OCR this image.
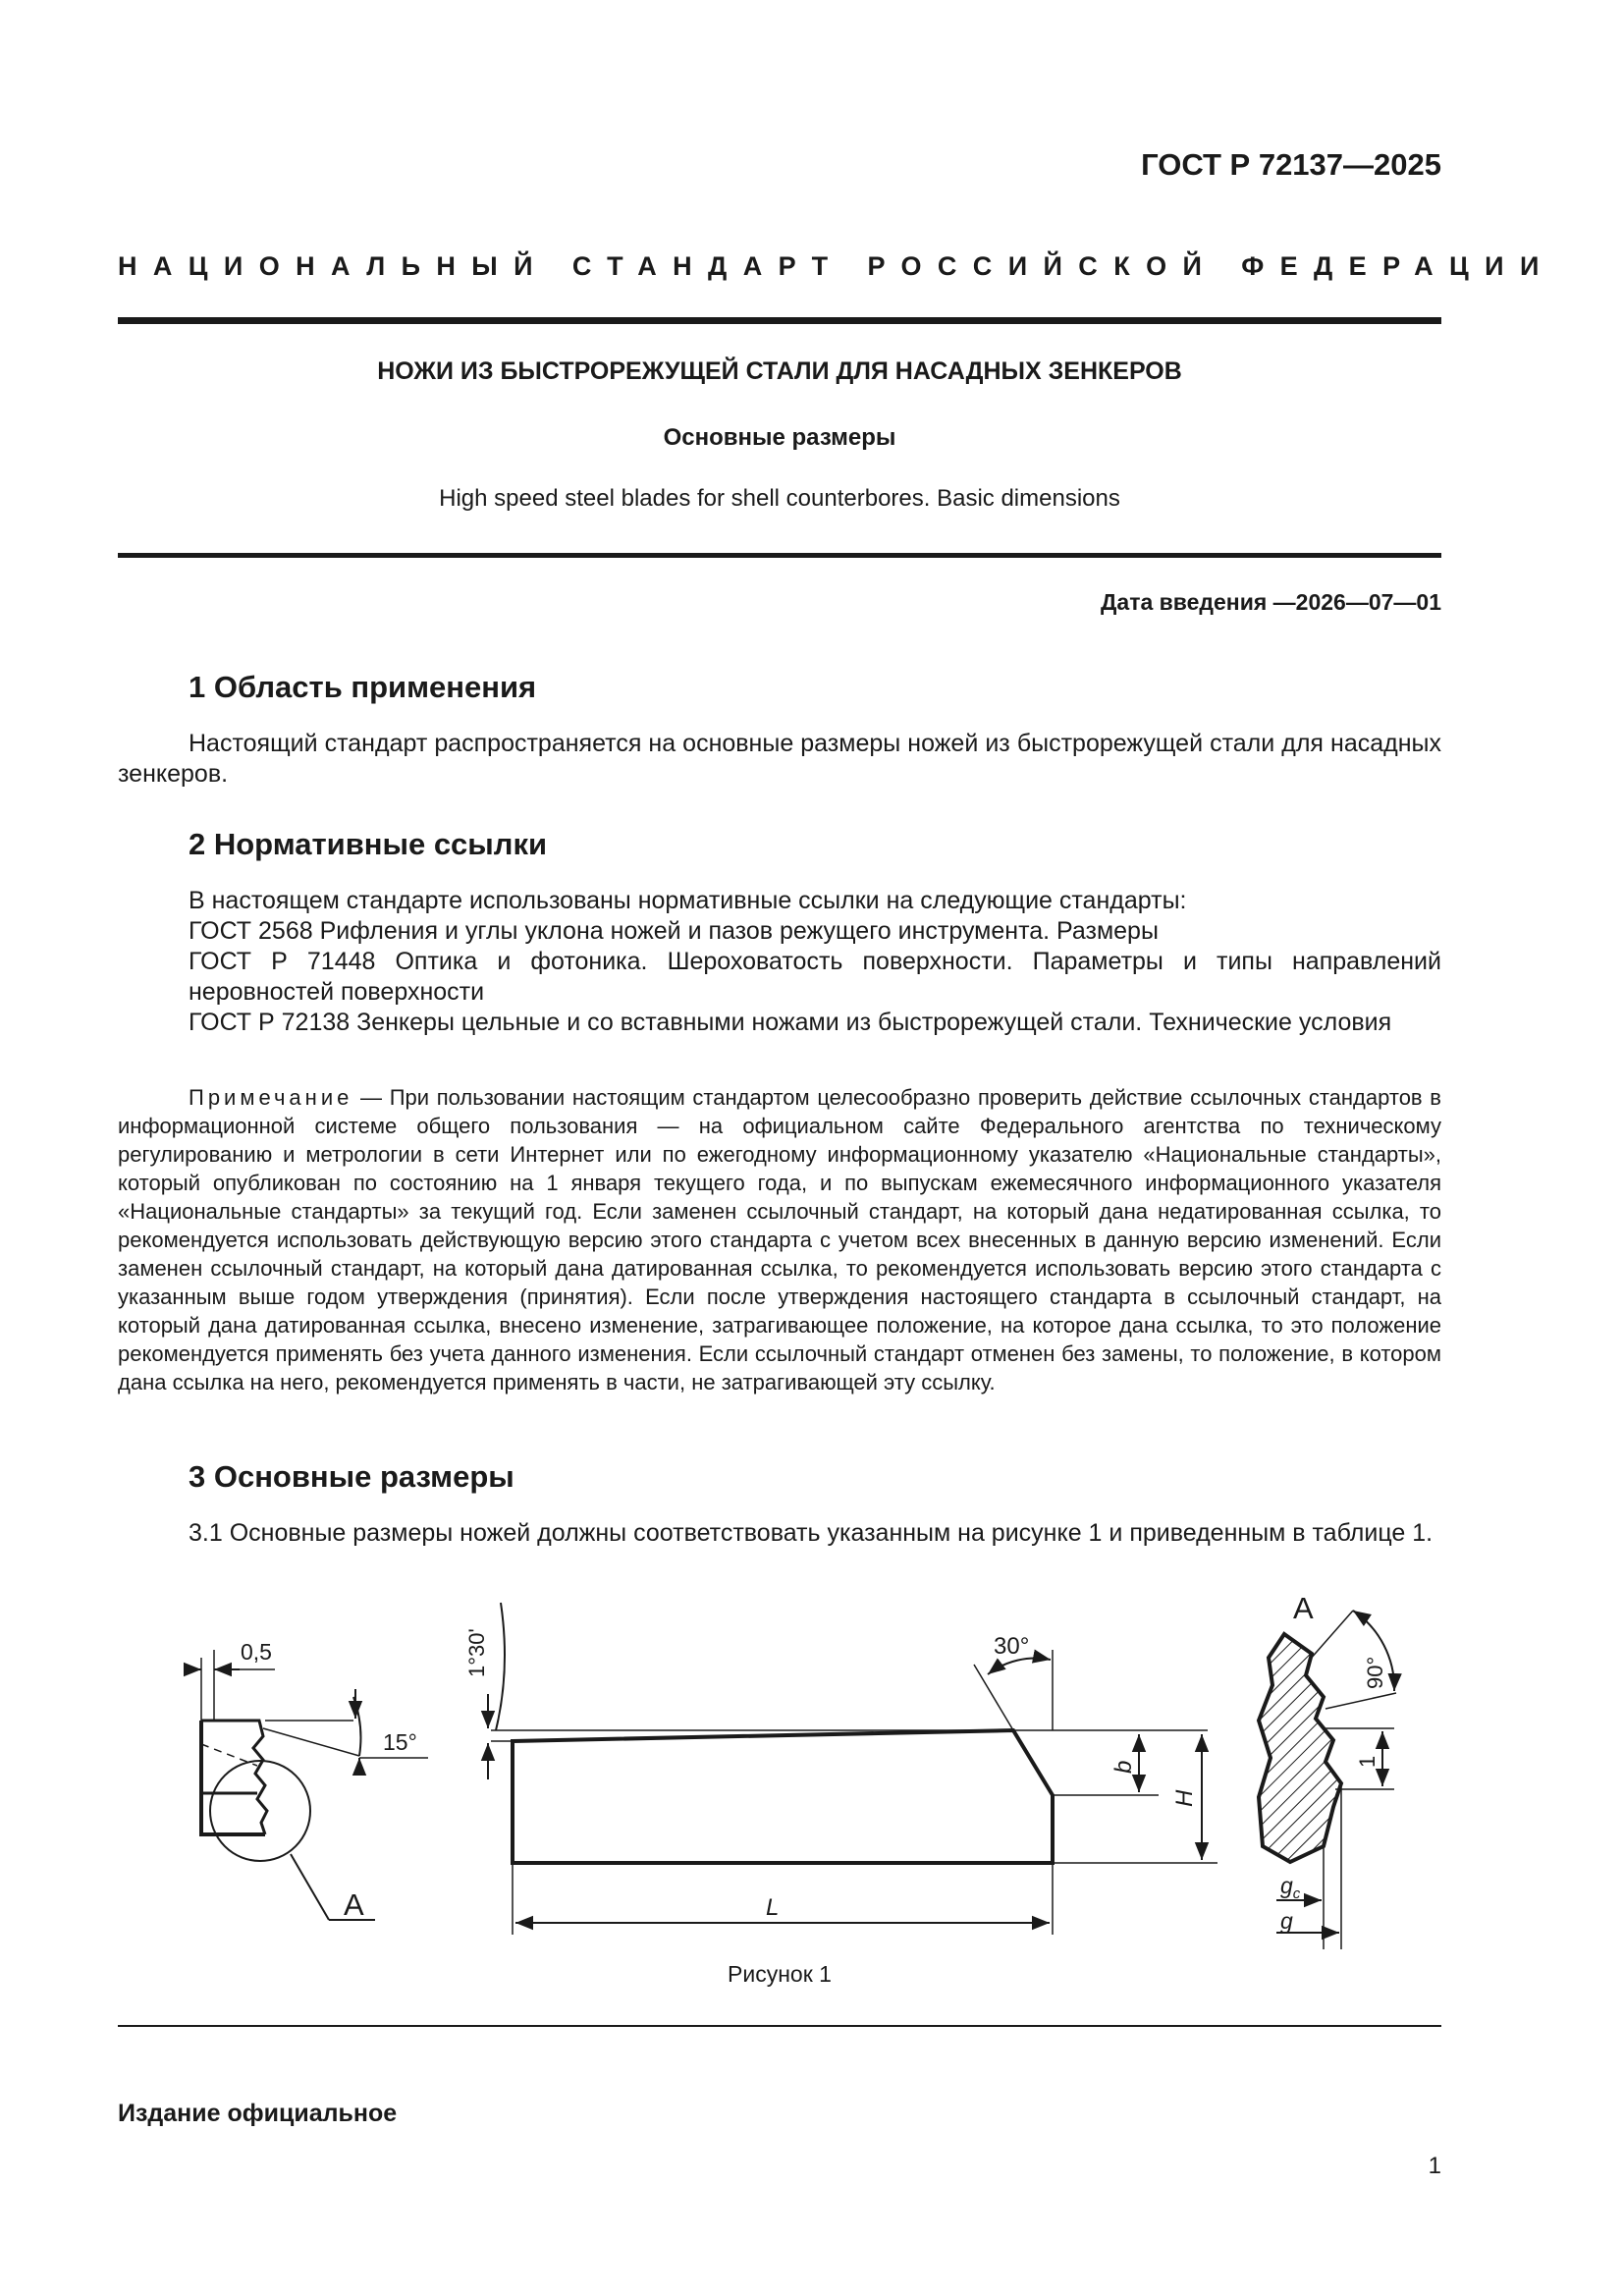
ГОСТ Р 72137—2025
НАЦИОНАЛЬНЫЙ СТАНДАРТ РОССИЙСКОЙ ФЕДЕРАЦИИ
НОЖИ ИЗ БЫСТРОРЕЖУЩЕЙ СТАЛИ ДЛЯ НАСАДНЫХ ЗЕНКЕРОВ
Основные размеры
High speed steel blades for shell counterbores. Basic dimensions
Дата введения —2026—07—01
1 Область применения
Настоящий стандарт распространяется на основные размеры ножей из быстрорежущей стали для насадных зенкеров.
2 Нормативные ссылки
В настоящем стандарте использованы нормативные ссылки на следующие стандарты:
ГОСТ 2568 Рифления и углы уклона ножей и пазов режущего инструмента. Размеры
ГОСТ Р 71448 Оптика и фотоника. Шероховатость поверхности. Параметры и типы направлений неровностей поверхности
ГОСТ Р 72138 Зенкеры цельные и со вставными ножами из быстрорежущей стали. Технические условия
Примечание — При пользовании настоящим стандартом целесообразно проверить действие ссылочных стандартов в информационной системе общего пользования — на официальном сайте Федерального агентства по техническому регулированию и метрологии в сети Интернет или по ежегодному информационному указателю «Национальные стандарты», который опубликован по состоянию на 1 января текущего года, и по выпускам ежемесячного информационного указателя «Национальные стандарты» за текущий год. Если заменен ссылочный стандарт, на который дана недатированная ссылка, то рекомендуется использовать действующую версию этого стандарта с учетом всех внесенных в данную версию изменений. Если заменен ссылочный стандарт, на который дана датированная ссылка, то рекомендуется использовать версию этого стандарта с указанным выше годом утверждения (принятия). Если после утверждения настоящего стандарта в ссылочный стандарт, на который дана датированная ссылка, внесено изменение, затрагивающее положение, на которое дана ссылка, то это положение рекомендуется применять без учета данного изменения. Если ссылочный стандарт отменен без замены, то положение, в котором дана ссылка на него, рекомендуется применять в части, не затрагивающей эту ссылку.
3 Основные размеры
3.1 Основные размеры ножей должны соответствовать указанным на рисунке 1 и приведенным в таблице 1.
0,5
15°
A
1°30'	30°
b
H
L
A
90°
1
$g_c$
g
Рисунок 1
Издание официальное
1
